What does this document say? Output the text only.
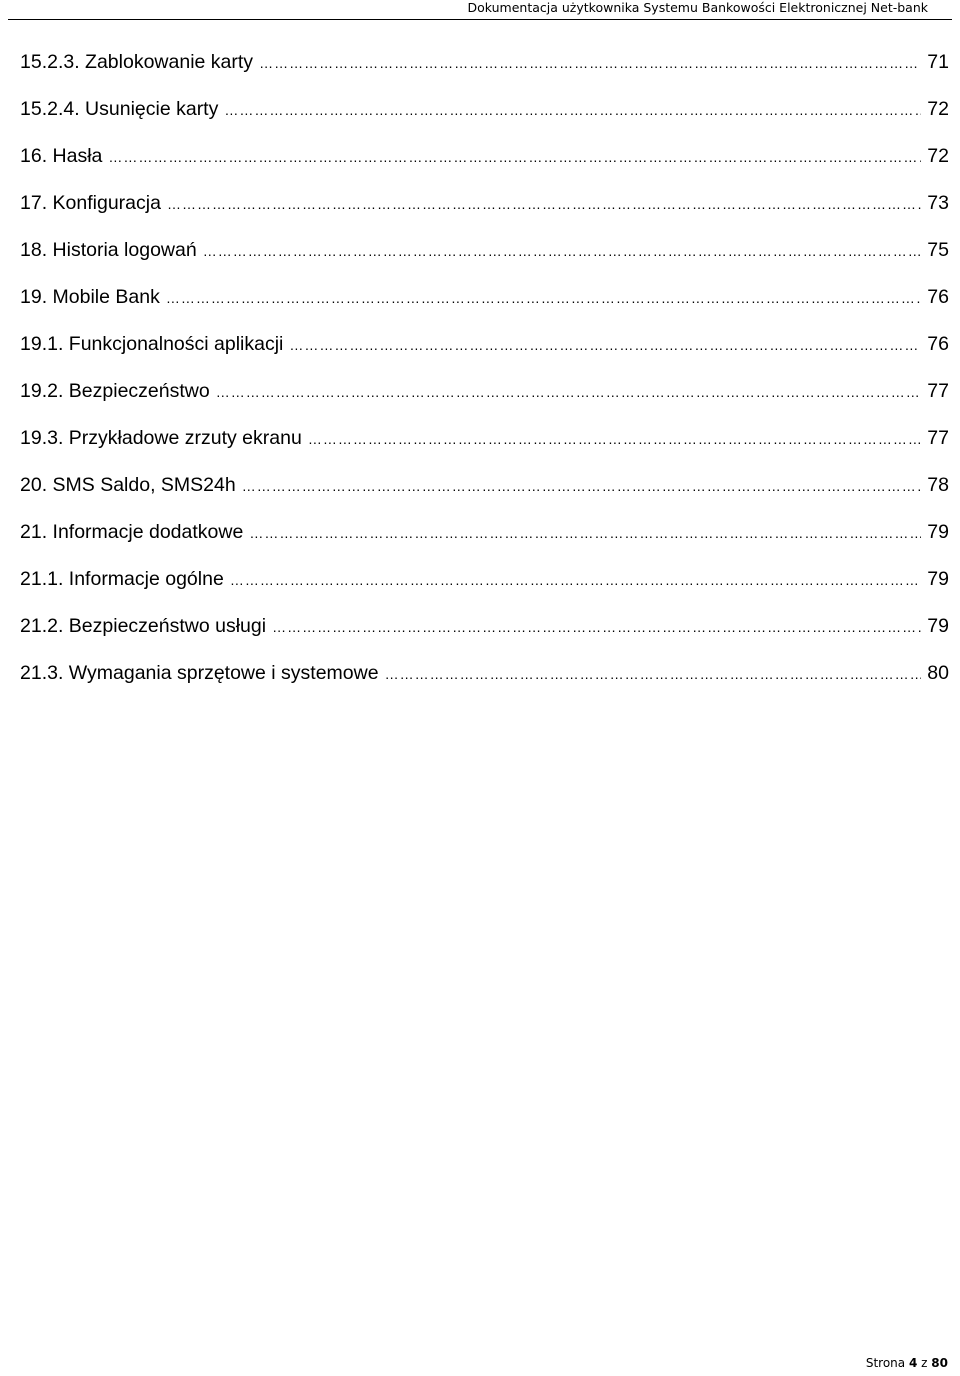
Dokumentacja użytkownika Systemu Bankowości Elektronicznej Net-bank
15.2.3. Zablokowanie karty ………………………………………………………………………………………………………………………………………………………………………………………………	71
15.2.4. Usunięcie karty ………………………………………………………………………………………………………………………………………………………………………………………………	72
16. Hasła ………………………………………………………………………………………………………………………………………………………………………………………………	72
17. Konfiguracja ………………………………………………………………………………………………………………………………………………………………………………………………	73
18. Historia logowań ………………………………………………………………………………………………………………………………………………………………………………………………	75
19. Mobile Bank ………………………………………………………………………………………………………………………………………………………………………………………………	76
19.1. Funkcjonalności aplikacji ………………………………………………………………………………………………………………………………………………………………………………………………	76
19.2. Bezpieczeństwo ………………………………………………………………………………………………………………………………………………………………………………………………	77
19.3. Przykładowe zrzuty ekranu ………………………………………………………………………………………………………………………………………………………………………………………………	77
20. SMS Saldo, SMS24h ………………………………………………………………………………………………………………………………………………………………………………………………	78
21. Informacje dodatkowe ………………………………………………………………………………………………………………………………………………………………………………………………	79
21.1. Informacje ogólne ………………………………………………………………………………………………………………………………………………………………………………………………	79
21.2. Bezpieczeństwo usługi ………………………………………………………………………………………………………………………………………………………………………………………………	79
21.3. Wymagania sprzętowe i systemowe ………………………………………………………………………………………………………………………………………………………………………………………………	80
Strona 4 z 80
